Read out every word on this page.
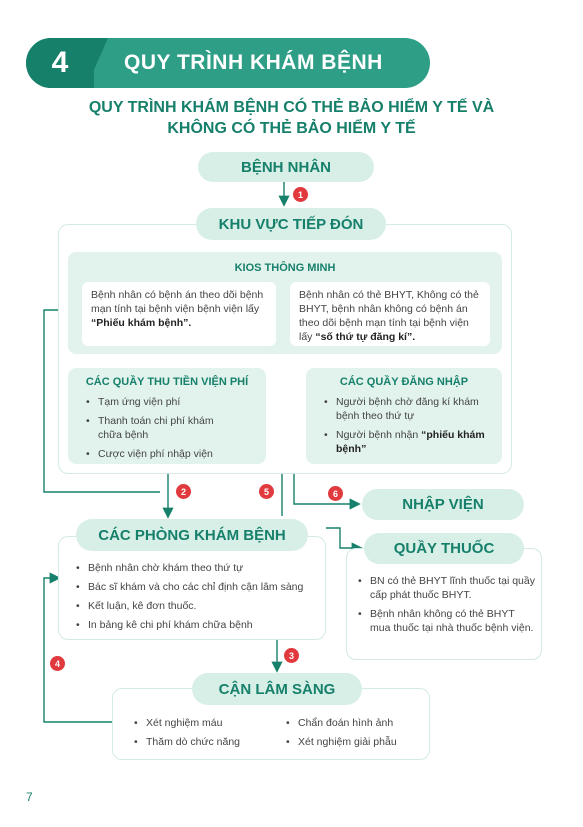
4	QUY TRÌNH KHÁM BỆNH
QUY TRÌNH KHÁM BỆNH CÓ THẺ BẢO HIỂM Y TẾ VÀ
KHÔNG CÓ THẺ BẢO HIỂM Y TẾ
BỆNH NHÂN
1
KHU VỰC TIẾP ĐÓN
KIOS THÔNG MINH
Bệnh nhân có bệnh án theo dõi bệnh mạn tính tại bệnh viện bệnh viện lấy “Phiếu khám bệnh”.
Bệnh nhân có thẻ BHYT, Không có thẻ BHYT, bệnh nhân không có bệnh án theo dõi bệnh mạn tính tại bệnh viện lấy “số thứ tự đăng kí”.
CÁC QUẦY THU TIỀN VIỆN PHÍ
• Tạm ứng viện phí
• Thanh toán chi phí khám chữa bệnh
• Cược viện phí nhập viện
CÁC QUẦY ĐĂNG NHẬP
• Người bệnh chờ đăng kí khám bệnh theo thứ tự
• Người bệnh nhận “phiếu khám bệnh”
2	5	6
NHẬP VIỆN
CÁC PHÒNG KHÁM BỆNH
• Bệnh nhân chờ khám theo thứ tự
• Bác sĩ khám và cho các chỉ định cận lâm sàng
• Kết luận, kê đơn thuốc.
• In bảng kê chi phí khám chữa bệnh
QUẦY THUỐC
• BN có thẻ BHYT lĩnh thuốc tại quầy cấp phát thuốc BHYT.
• Bệnh nhân không có thẻ BHYT mua thuốc tại nhà thuốc bệnh viện.
3
4
CẬN LÂM SÀNG
• Xét nghiệm máu
• Thăm dò chức năng
• Chẩn đoán hình ảnh
• Xét nghiệm giải phẫu
7
